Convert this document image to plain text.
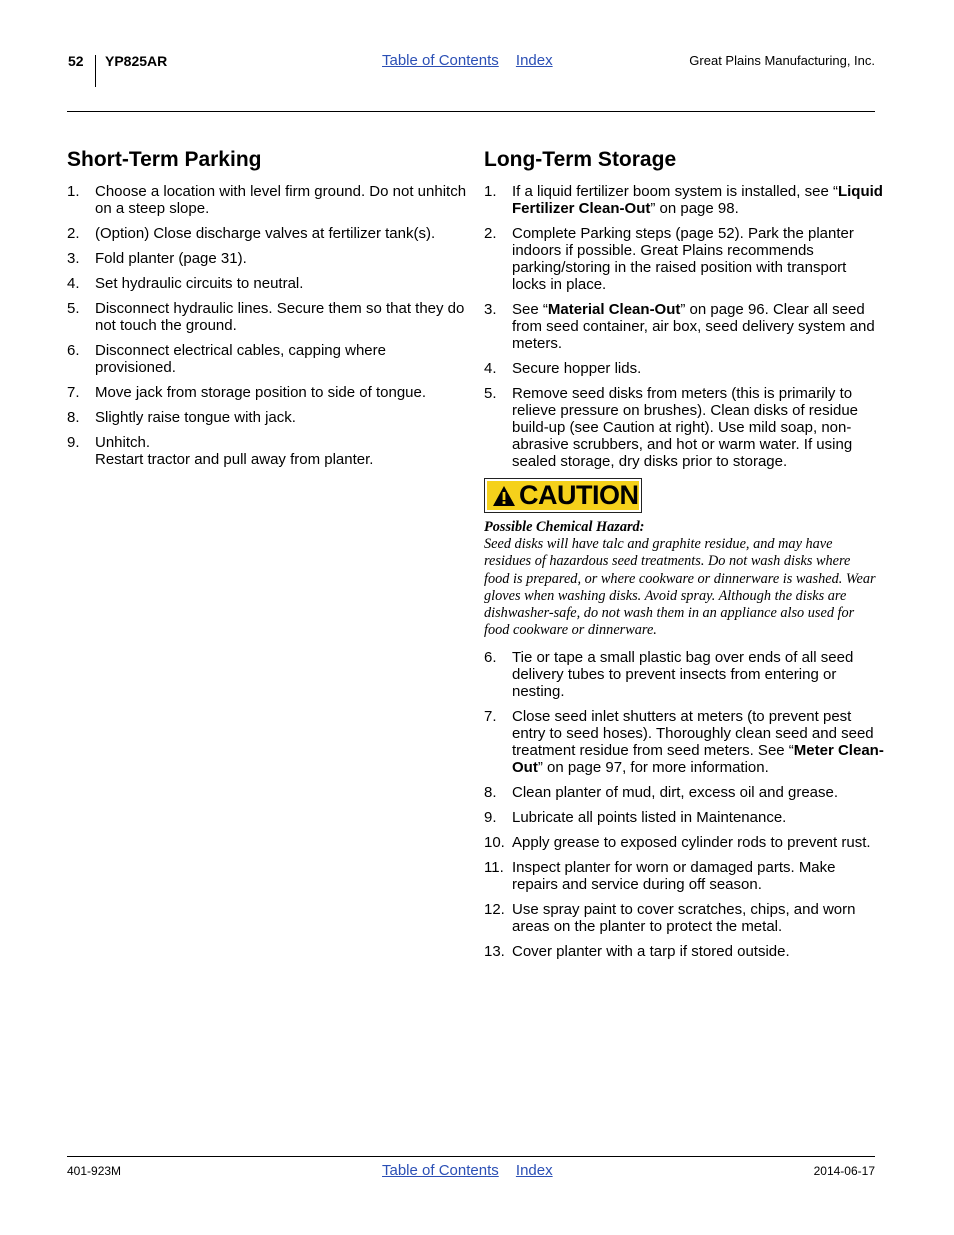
52 YP825AR	Table of Contents Index	Great Plains Manufacturing, Inc.
Short-Term Parking
1.	Choose a location with level firm ground. Do not unhitch on a steep slope.
2.	(Option) Close discharge valves at fertilizer tank(s).
3.	Fold planter (page 31).
4.	Set hydraulic circuits to neutral.
5.	Disconnect hydraulic lines. Secure them so that they do not touch the ground.
6.	Disconnect electrical cables, capping where provisioned.
7.	Move jack from storage position to side of tongue.
8.	Slightly raise tongue with jack.
9.	Unhitch.
Restart tractor and pull away from planter.
Long-Term Storage
1.	If a liquid fertilizer boom system is installed, see “Liquid Fertilizer Clean-Out” on page 98.
2.	Complete Parking steps (page 52). Park the planter indoors if possible. Great Plains recommends parking/storing in the raised position with transport locks in place.
3.	See “Material Clean-Out” on page 96. Clear all seed from seed container, air box, seed delivery system and meters.
4.	Secure hopper lids.
5.	Remove seed disks from meters (this is primarily to relieve pressure on brushes). Clean disks of residue build-up (see Caution at right). Use mild soap, non-abrasive scrubbers, and hot or warm water. If using sealed storage, dry disks prior to storage.
CAUTION
Possible Chemical Hazard:
Seed disks will have talc and graphite residue, and may have residues of hazardous seed treatments. Do not wash disks where food is prepared, or where cookware or dinnerware is washed. Wear gloves when washing disks. Avoid spray. Although the disks are dishwasher-safe, do not wash them in an appliance also used for food cookware or dinnerware.
6.	Tie or tape a small plastic bag over ends of all seed delivery tubes to prevent insects from entering or nesting.
7.	Close seed inlet shutters at meters (to prevent pest entry to seed hoses). Thoroughly clean seed and seed treatment residue from seed meters. See “Meter Clean-Out” on page 97, for more information.
8.	Clean planter of mud, dirt, excess oil and grease.
9.	Lubricate all points listed in Maintenance.
10. Apply grease to exposed cylinder rods to prevent rust.
11. Inspect planter for worn or damaged parts. Make repairs and service during off season.
12. Use spray paint to cover scratches, chips, and worn areas on the planter to protect the metal.
13. Cover planter with a tarp if stored outside.
401-923M	Table of Contents Index	2014-06-17
